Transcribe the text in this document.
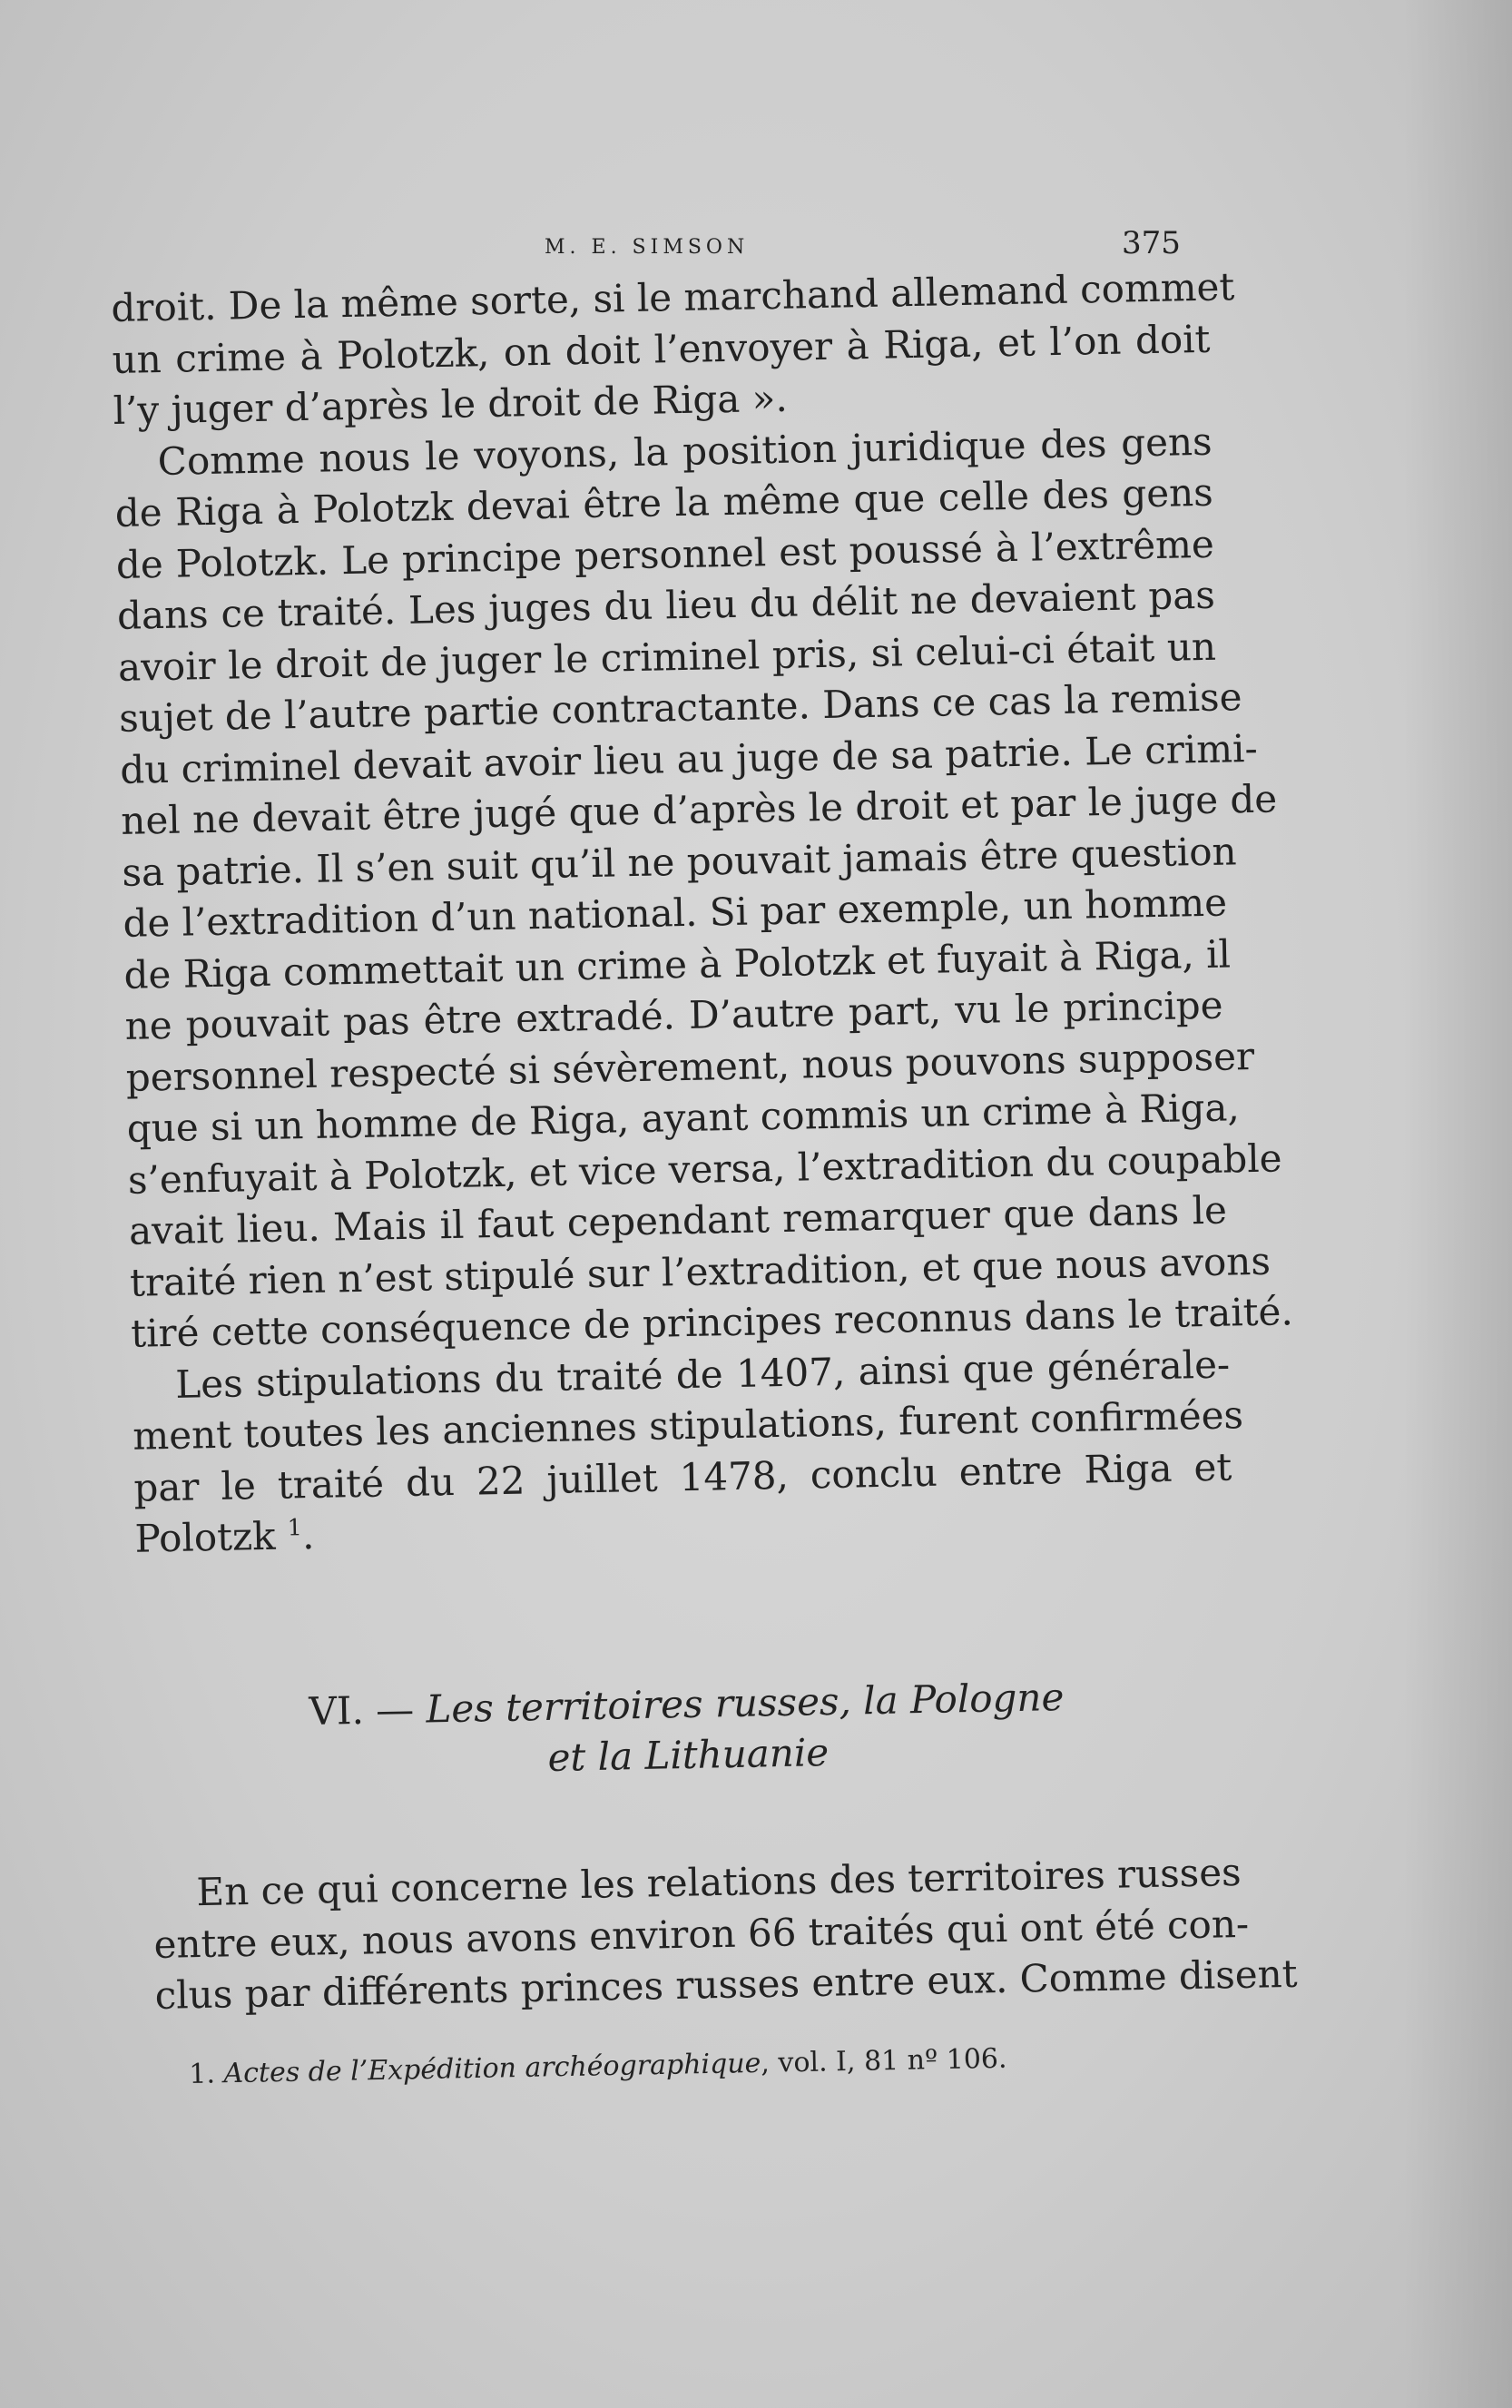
M. E. SIMSON	375
droit. De la même sorte, si le marchand allemand commet
un crime à Polotzk, on doit l’envoyer à Riga, et l’on doit
l’y juger d’après le droit de Riga ».
Comme nous le voyons, la position juridique des gens
de Riga à Polotzk devai être la même que celle des gens
de Polotzk. Le principe personnel est poussé à l’extrême
dans ce traité. Les juges du lieu du délit ne devaient pas
avoir le droit de juger le criminel pris, si celui-ci était un
sujet de l’autre partie contractante. Dans ce cas la remise
du criminel devait avoir lieu au juge de sa patrie. Le crimi-
nel ne devait être jugé que d’après le droit et par le juge de
sa patrie. Il s’en suit qu’il ne pouvait jamais être question
de l’extradition d’un national. Si par exemple, un homme
de Riga commettait un crime à Polotzk et fuyait à Riga, il
ne pouvait pas être extradé. D’autre part, vu le principe
personnel respecté si sévèrement, nous pouvons supposer
que si un homme de Riga, ayant commis un crime à Riga,
s’enfuyait à Polotzk, et vice versa, l’extradition du coupable
avait lieu. Mais il faut cependant remarquer que dans le
traité rien n’est stipulé sur l’extradition, et que nous avons
tiré cette conséquence de principes reconnus dans le traité.
Les stipulations du traité de 1407, ainsi que générale-
ment toutes les anciennes stipulations, furent confirmées
par le traité du 22 juillet 1478, conclu entre Riga et
Polotzk $^1$.
VI. — Les territoires russes, la Pologne
et la Lithuanie
En ce qui concerne les relations des territoires russes
entre eux, nous avons environ 66 traités qui ont été con-
clus par différents princes russes entre eux. Comme disent
1. Actes de l’Expédition archéographique, vol. I, 81 nº 106.
